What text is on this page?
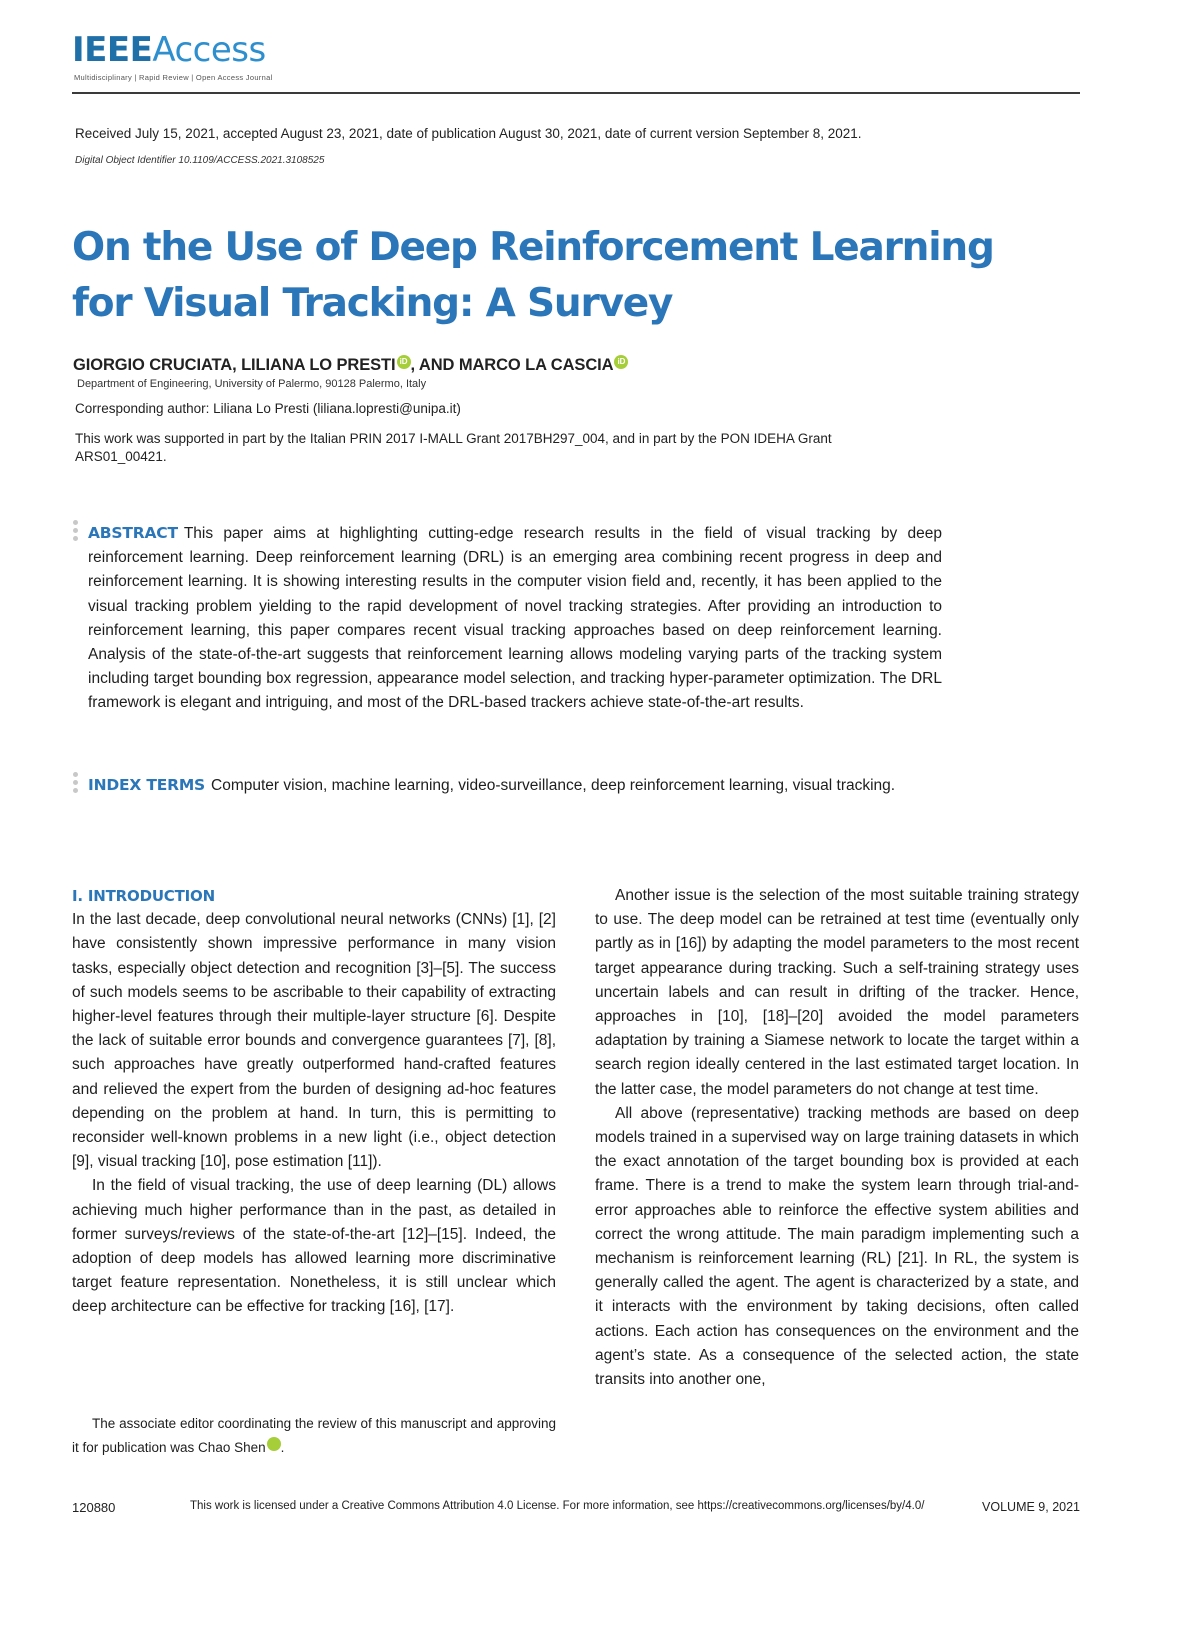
IEEEAccess
Multidisciplinary | Rapid Review | Open Access Journal
Received July 15, 2021, accepted August 23, 2021, date of publication August 30, 2021, date of current version September 8, 2021.
Digital Object Identifier 10.1109/ACCESS.2021.3108525
On the Use of Deep Reinforcement Learning
for Visual Tracking: A Survey
GIORGIO CRUCIATA, LILIANA LO PRESTI iD , AND MARCO LA CASCIA iD
Department of Engineering, University of Palermo, 90128 Palermo, Italy
Corresponding author: Liliana Lo Presti (liliana.lopresti@unipa.it)
This work was supported in part by the Italian PRIN 2017 I-MALL Grant 2017BH297_004, and in part by the PON IDEHA Grant ARS01_00421.
ABSTRACT This paper aims at highlighting cutting-edge research results in the field of visual tracking by deep reinforcement learning. Deep reinforcement learning (DRL) is an emerging area combining recent progress in deep and reinforcement learning. It is showing interesting results in the computer vision field and, recently, it has been applied to the visual tracking problem yielding to the rapid development of novel tracking strategies. After providing an introduction to reinforcement learning, this paper compares recent visual tracking approaches based on deep reinforcement learning. Analysis of the state-of-the-art suggests that reinforcement learning allows modeling varying parts of the tracking system including target bounding box regression, appearance model selection, and tracking hyper-parameter optimization. The DRL framework is elegant and intriguing, and most of the DRL-based trackers achieve state-of-the-art results.
INDEX TERMS Computer vision, machine learning, video-surveillance, deep reinforcement learning, visual tracking.
I. INTRODUCTION

In the last decade, deep convolutional neural networks (CNNs) [1], [2] have consistently shown impressive performance in many vision tasks, especially object detection and recognition [3]–[5]. The success of such models seems to be ascribable to their capability of extracting higher-level features through their multiple-layer structure [6]. Despite the lack of suitable error bounds and convergence guarantees [7], [8], such approaches have greatly outperformed hand-crafted features and relieved the expert from the burden of designing ad-hoc features depending on the problem at hand. In turn, this is permitting to reconsider well-known problems in a new light (i.e., object detection [9], visual tracking [10], pose estimation [11]).

In the field of visual tracking, the use of deep learning (DL) allows achieving much higher performance than in the past, as detailed in former surveys/reviews of the state-of-the-art [12]–[15]. Indeed, the adoption of deep models has allowed learning more discriminative target feature representation. Nonetheless, it is still unclear which deep architecture can be effective for tracking [16], [17].

The associate editor coordinating the review of this manuscript and approving it for publication was Chao Shen	iD.

Another issue is the selection of the most suitable training strategy to use. The deep model can be retrained at test time (eventually only partly as in [16]) by adapting the model parameters to the most recent target appearance during tracking. Such a self-training strategy uses uncertain labels and can result in drifting of the tracker. Hence, approaches in [10], [18]–[20] avoided the model parameters adaptation by training a Siamese network to locate the target within a search region ideally centered in the last estimated target location. In the latter case, the model parameters do not change at test time.

All above (representative) tracking methods are based on deep models trained in a supervised way on large training datasets in which the exact annotation of the target bounding box is provided at each frame. There is a trend to make the system learn through trial-and-error approaches able to reinforce the effective system abilities and correct the wrong attitude. The main paradigm implementing such a mechanism is reinforcement learning (RL) [21]. In RL, the system is generally called the agent. The agent is characterized by a state, and it interacts with the environment by taking decisions, often called actions. Each action has consequences on the environment and the agent’s state. As a consequence of the selected action, the state transits into another one,

120880	This work is licensed under a Creative Commons Attribution 4.0 License. For more information, see https://creativecommons.org/licenses/by/4.0/	VOLUME 9, 2021
